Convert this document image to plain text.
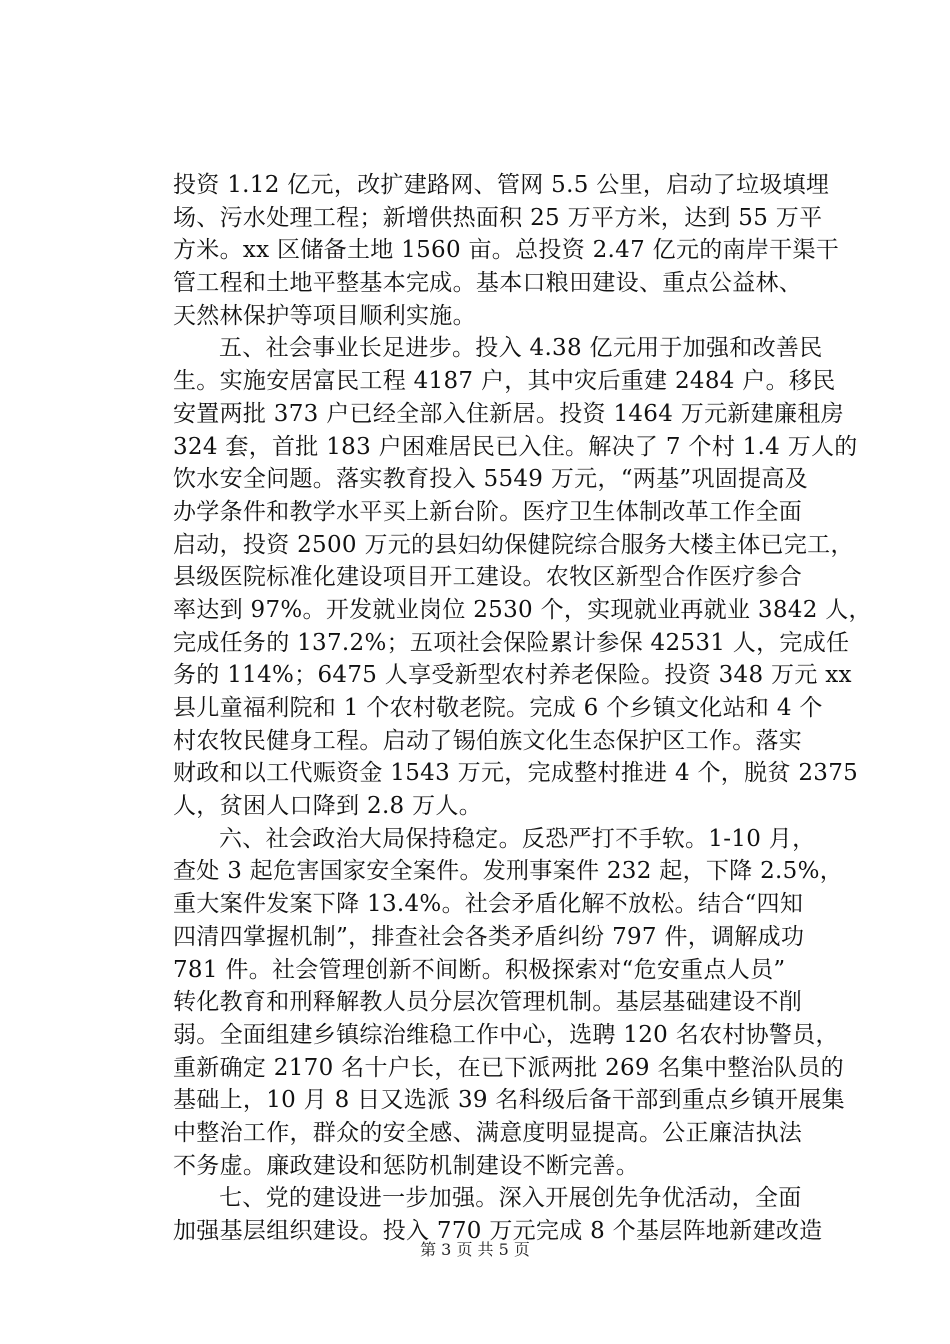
投资 1.12 亿元，改扩建路网、管网 5.5 公里，启动了垃圾填埋
场、污水处理工程；新增供热面积 25 万平方米，达到 55 万平
方米。xx 区储备土地 1560 亩。总投资 2.47 亿元的南岸干渠干
管工程和土地平整基本完成。基本口粮田建设、重点公益林、
天然林保护等项目顺利实施。
五、社会事业长足进步。投入 4.38 亿元用于加强和改善民
生。实施安居富民工程 4187 户，其中灾后重建 2484 户。移民
安置两批 373 户已经全部入住新居。投资 1464 万元新建廉租房
324 套，首批 183 户困难居民已入住。解决了 7 个村 1.4 万人的
饮水安全问题。落实教育投入 5549 万元，“两基”巩固提高及
办学条件和教学水平买上新台阶。医疗卫生体制改革工作全面
启动，投资 2500 万元的县妇幼保健院综合服务大楼主体已完工，
县级医院标准化建设项目开工建设。农牧区新型合作医疗参合
率达到 97%。开发就业岗位 2530 个，实现就业再就业 3842 人，
完成任务的 137.2%；五项社会保险累计参保 42531 人，完成任
务的 114%；6475 人享受新型农村养老保险。投资 348 万元 xx
县儿童福利院和 1 个农村敬老院。完成 6 个乡镇文化站和 4 个
村农牧民健身工程。启动了锡伯族文化生态保护区工作。落实
财政和以工代赈资金 1543 万元，完成整村推进 4 个，脱贫 2375
人，贫困人口降到 2.8 万人。
六、社会政治大局保持稳定。反恐严打不手软。1-10 月，
查处 3 起危害国家安全案件。发刑事案件 232 起，下降 2.5%，
重大案件发案下降 13.4%。社会矛盾化解不放松。结合“四知
四清四掌握机制”，排查社会各类矛盾纠纷 797 件，调解成功
781 件。社会管理创新不间断。积极探索对“危安重点人员”
转化教育和刑释解教人员分层次管理机制。基层基础建设不削
弱。全面组建乡镇综治维稳工作中心，选聘 120 名农村协警员，
重新确定 2170 名十户长，在已下派两批 269 名集中整治队员的
基础上，10 月 8 日又选派 39 名科级后备干部到重点乡镇开展集
中整治工作，群众的安全感、满意度明显提高。公正廉洁执法
不务虚。廉政建设和惩防机制建设不断完善。
七、党的建设进一步加强。深入开展创先争优活动，全面
加强基层组织建设。投入 770 万元完成 8 个基层阵地新建改造
第 3 页 共 5 页
